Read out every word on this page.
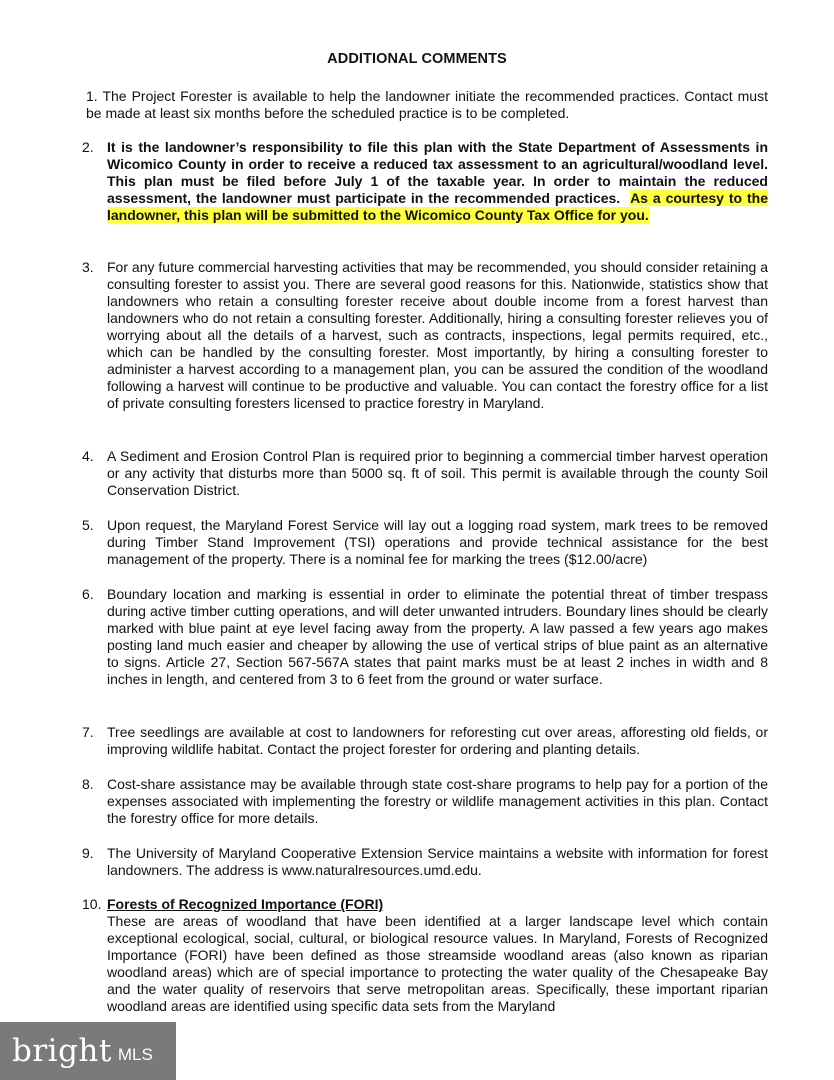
ADDITIONAL COMMENTS
1. The Project Forester is available to help the landowner initiate the recommended practices. Contact must be made at least six months before the scheduled practice is to be completed.
2. It is the landowner’s responsibility to file this plan with the State Department of Assessments in Wicomico County in order to receive a reduced tax assessment to an agricultural/woodland level. This plan must be filed before July 1 of the taxable year. In order to maintain the reduced assessment, the landowner must participate in the recommended practices. As a courtesy to the landowner, this plan will be submitted to the Wicomico County Tax Office for you.
3. For any future commercial harvesting activities that may be recommended, you should consider retaining a consulting forester to assist you. There are several good reasons for this. Nationwide, statistics show that landowners who retain a consulting forester receive about double income from a forest harvest than landowners who do not retain a consulting forester. Additionally, hiring a consulting forester relieves you of worrying about all the details of a harvest, such as contracts, inspections, legal permits required, etc., which can be handled by the consulting forester. Most importantly, by hiring a consulting forester to administer a harvest according to a management plan, you can be assured the condition of the woodland following a harvest will continue to be productive and valuable. You can contact the forestry office for a list of private consulting foresters licensed to practice forestry in Maryland.
4. A Sediment and Erosion Control Plan is required prior to beginning a commercial timber harvest operation or any activity that disturbs more than 5000 sq. ft of soil. This permit is available through the county Soil Conservation District.
5. Upon request, the Maryland Forest Service will lay out a logging road system, mark trees to be removed during Timber Stand Improvement (TSI) operations and provide technical assistance for the best management of the property. There is a nominal fee for marking the trees ($12.00/acre)
6. Boundary location and marking is essential in order to eliminate the potential threat of timber trespass during active timber cutting operations, and will deter unwanted intruders. Boundary lines should be clearly marked with blue paint at eye level facing away from the property. A law passed a few years ago makes posting land much easier and cheaper by allowing the use of vertical strips of blue paint as an alternative to signs. Article 27, Section 567-567A states that paint marks must be at least 2 inches in width and 8 inches in length, and centered from 3 to 6 feet from the ground or water surface.
7. Tree seedlings are available at cost to landowners for reforesting cut over areas, afforesting old fields, or improving wildlife habitat. Contact the project forester for ordering and planting details.
8. Cost-share assistance may be available through state cost-share programs to help pay for a portion of the expenses associated with implementing the forestry or wildlife management activities in this plan. Contact the forestry office for more details.
9. The University of Maryland Cooperative Extension Service maintains a website with information for forest landowners. The address is www.naturalresources.umd.edu.
10. Forests of Recognized Importance (FORI)
These are areas of woodland that have been identified at a larger landscape level which contain exceptional ecological, social, cultural, or biological resource values. In Maryland, Forests of Recognized Importance (FORI) have been defined as those streamside woodland areas (also known as riparian woodland areas) which are of special importance to protecting the water quality of the Chesapeake Bay and the water quality of reservoirs that serve metropolitan areas. Specifically, these important riparian woodland areas are identified using specific data sets from the Maryland
bright MLS
